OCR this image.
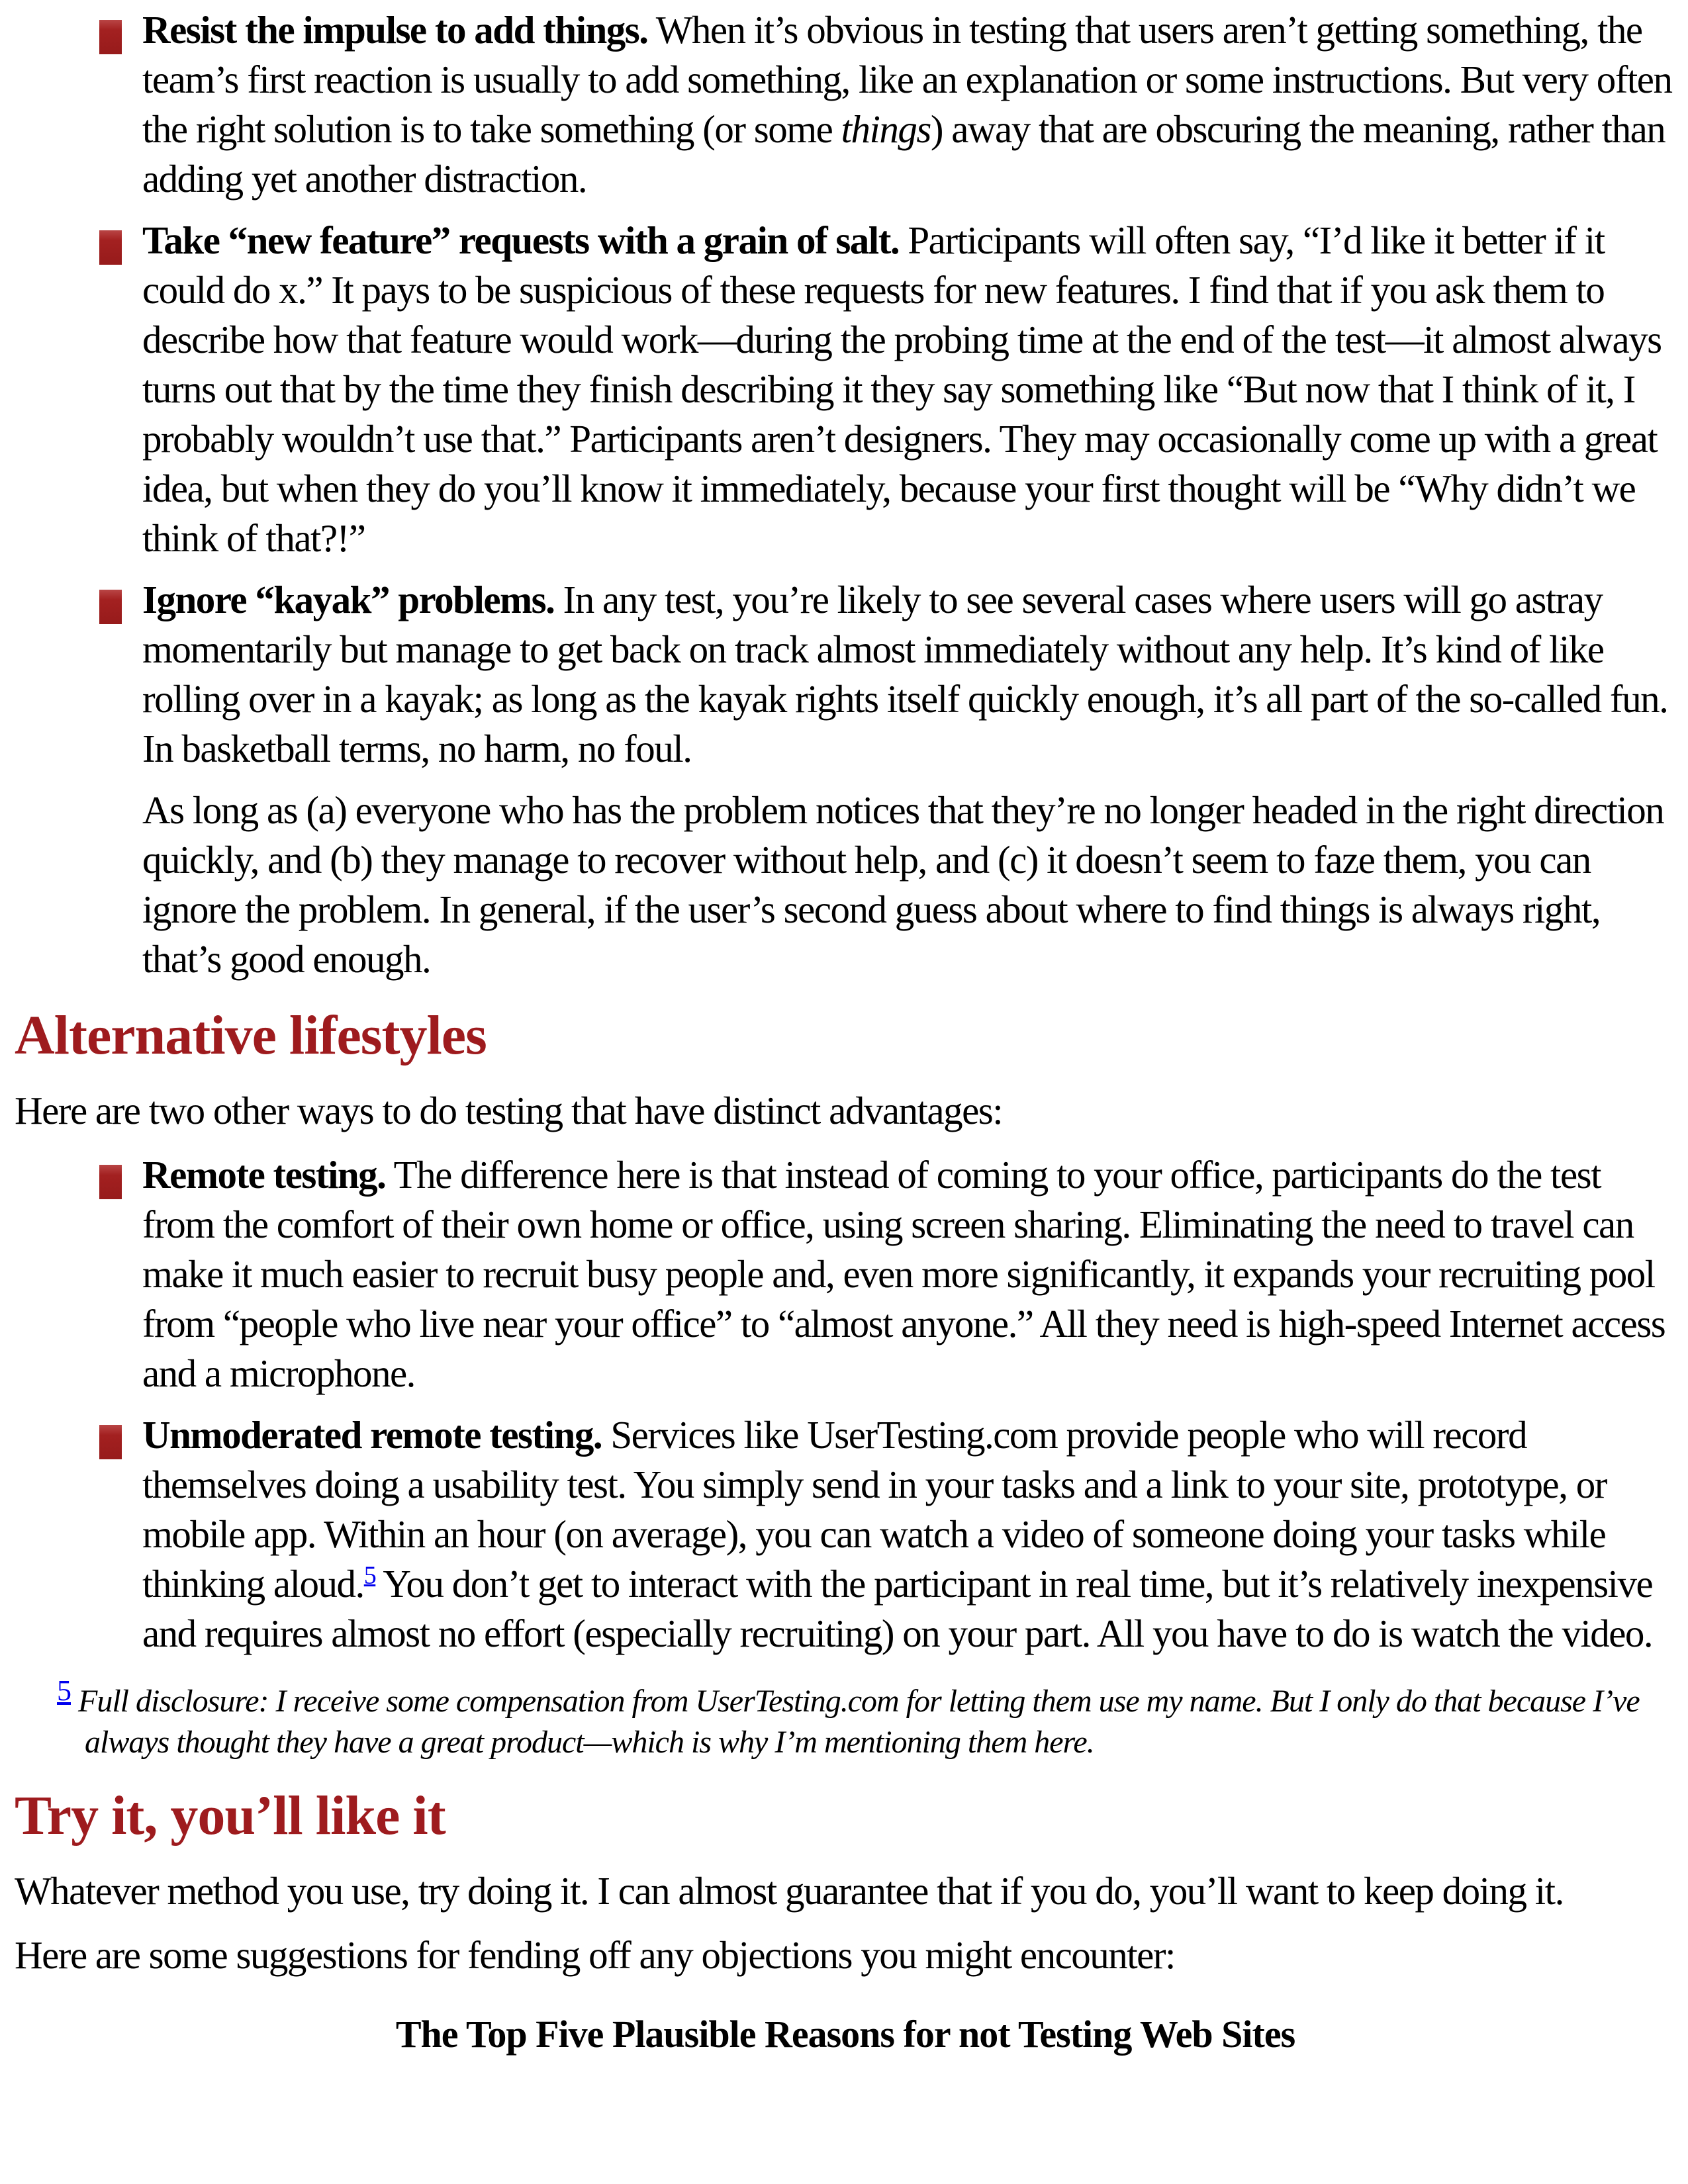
Resist the impulse to add things. When it’s obvious in testing that users aren’t getting something, the team’s first reaction is usually to add something, like an explanation or some instructions. But very often the right solution is to take something (or some things) away that are obscuring the meaning, rather than adding yet another distraction.
Take “new feature” requests with a grain of salt. Participants will often say, “I’d like it better if it could do x.” It pays to be suspicious of these requests for new features. I find that if you ask them to describe how that feature would work—during the probing time at the end of the test—it almost always turns out that by the time they finish describing it they say something like “But now that I think of it, I probably wouldn’t use that.” Participants aren’t designers. They may occasionally come up with a great idea, but when they do you’ll know it immediately, because your first thought will be “Why didn’t we think of that?!”
Ignore “kayak” problems. In any test, you’re likely to see several cases where users will go astray momentarily but manage to get back on track almost immediately without any help. It’s kind of like rolling over in a kayak; as long as the kayak rights itself quickly enough, it’s all part of the so-called fun. In basketball terms, no harm, no foul.

As long as (a) everyone who has the problem notices that they’re no longer headed in the right direction quickly, and (b) they manage to recover without help, and (c) it doesn’t seem to faze them, you can ignore the problem. In general, if the user’s second guess about where to find things is always right, that’s good enough.

Alternative lifestyles

Here are two other ways to do testing that have distinct advantages:

Remote testing. The difference here is that instead of coming to your office, participants do the test from the comfort of their own home or office, using screen sharing. Eliminating the need to travel can make it much easier to recruit busy people and, even more significantly, it expands your recruiting pool from “people who live near your office” to “almost anyone.” All they need is high-speed Internet access and a microphone.
Unmoderated remote testing. Services like UserTesting.com provide people who will record themselves doing a usability test. You simply send in your tasks and a link to your site, prototype, or mobile app. Within an hour (on average), you can watch a video of someone doing your tasks while thinking aloud.$^5$ You don’t get to interact with the participant in real time, but it’s relatively inexpensive and requires almost no effort (especially recruiting) on your part. All you have to do is watch the video.
5 Full disclosure: I receive some compensation from UserTesting.com for letting them use my name. But I only do that because I’ve always thought they have a great product—which is why I’m mentioning them here.
Try it, you’ll like it

Whatever method you use, try doing it. I can almost guarantee that if you do, you’ll want to keep doing it.

Here are some suggestions for fending off any objections you might encounter:

The Top Five Plausible Reasons for not Testing Web Sites
